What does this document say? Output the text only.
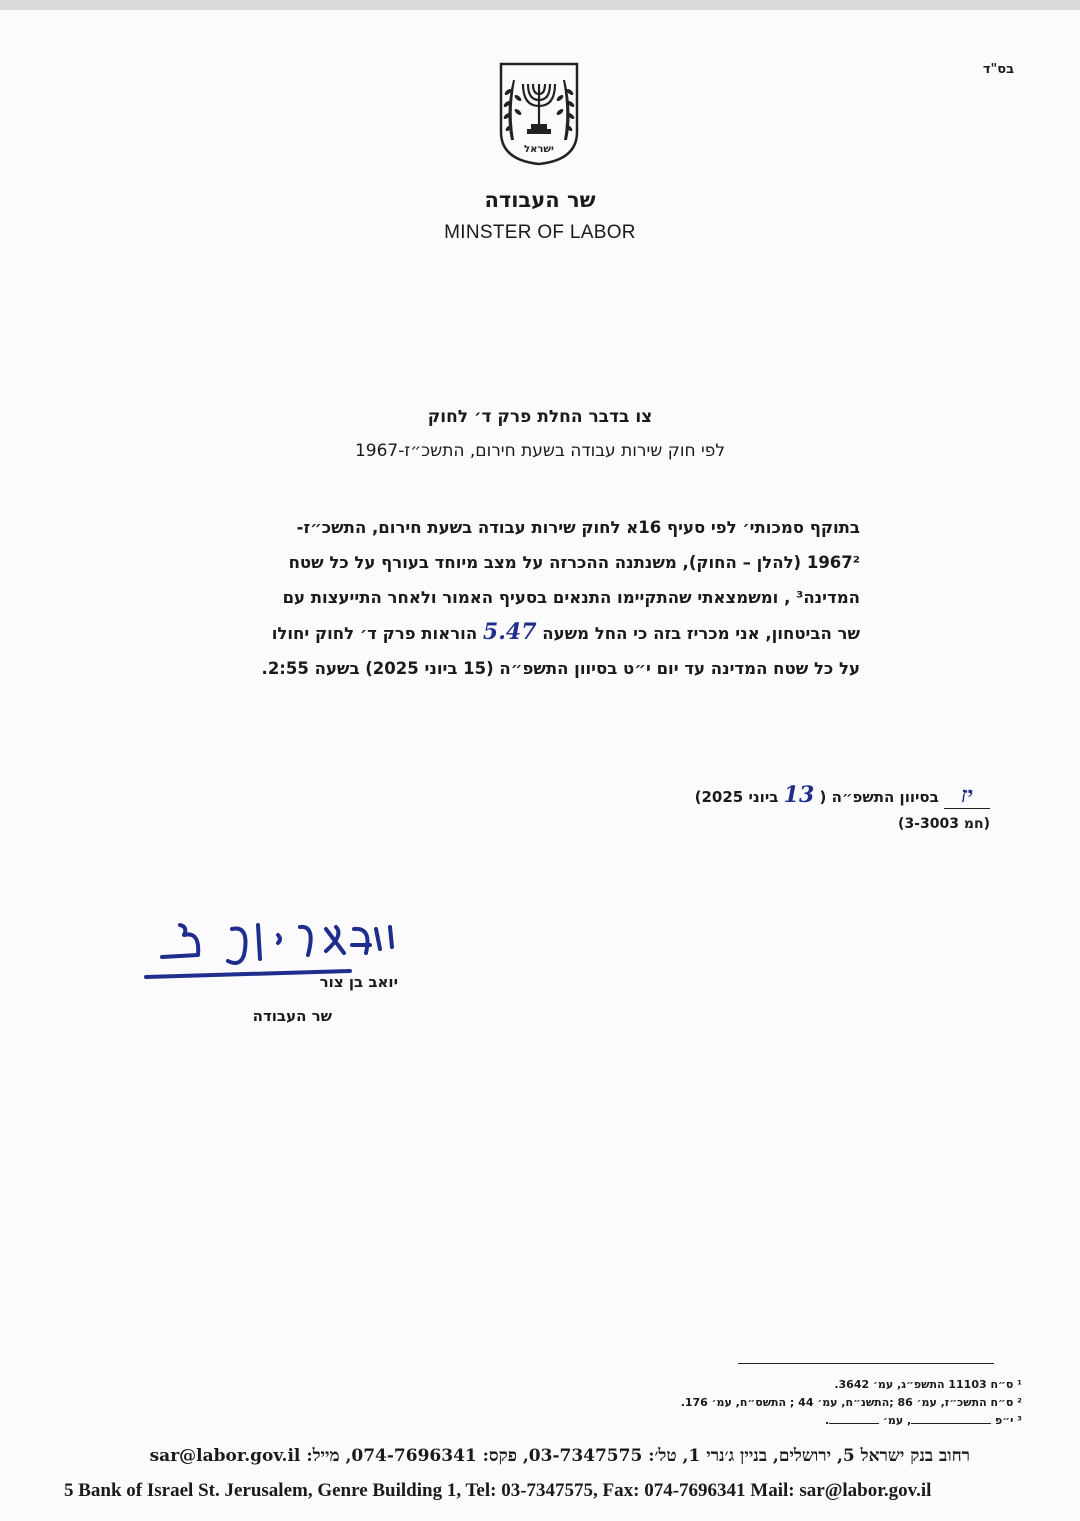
בס"ד
ישראל
שר העבודה
MINSTER OF LABOR
צו בדבר החלת פרק ד׳ לחוק
לפי חוק שירות עבודה בשעת חירום, התשכ״ז-1967
בתוקף סמכותי׳ לפי סעיף 16א לחוק שירות עבודה בשעת חירום, התשכ״ז-
1967² (להלן – החוק), משנתנה ההכרזה על מצב מיוחד בעורף על כל שטח
המדינה³ , ומשמצאתי שהתקיימו התנאים בסעיף האמור ולאחר התייעצות עם
שר הביטחון, אני מכריז בזה כי החל משעה 5.47 הוראות פרק ד׳ לחוק יחולו
על כל שטח המדינה עד יום י״ט בסיוון התשפ״ה (15 ביוני 2025) בשעה 2:55.
יז בסיוון התשפ״ה ( 13 ביוני 2025)
(חמ 3-3003)
יואב בן צור
שר העבודה
¹ ס״ח 11103 התשפ״ג, עמ׳ 3642.
² ס״ח התשכ״ז, עמ׳ 86 ;התשנ״ח, עמ׳ 44 ; התשס״ח, עמ׳ 176.
³ י״פ , עמ׳ .
רחוב בנק ישראל 5, ירושלים, בניין ג׳נרי 1, טל׳: 03-7347575, פקס: 074-7696341, מייל: sar@labor.gov.il
5 Bank of Israel St. Jerusalem, Genre Building 1, Tel: 03-7347575, Fax: 074-7696341 Mail: sar@labor.gov.il
